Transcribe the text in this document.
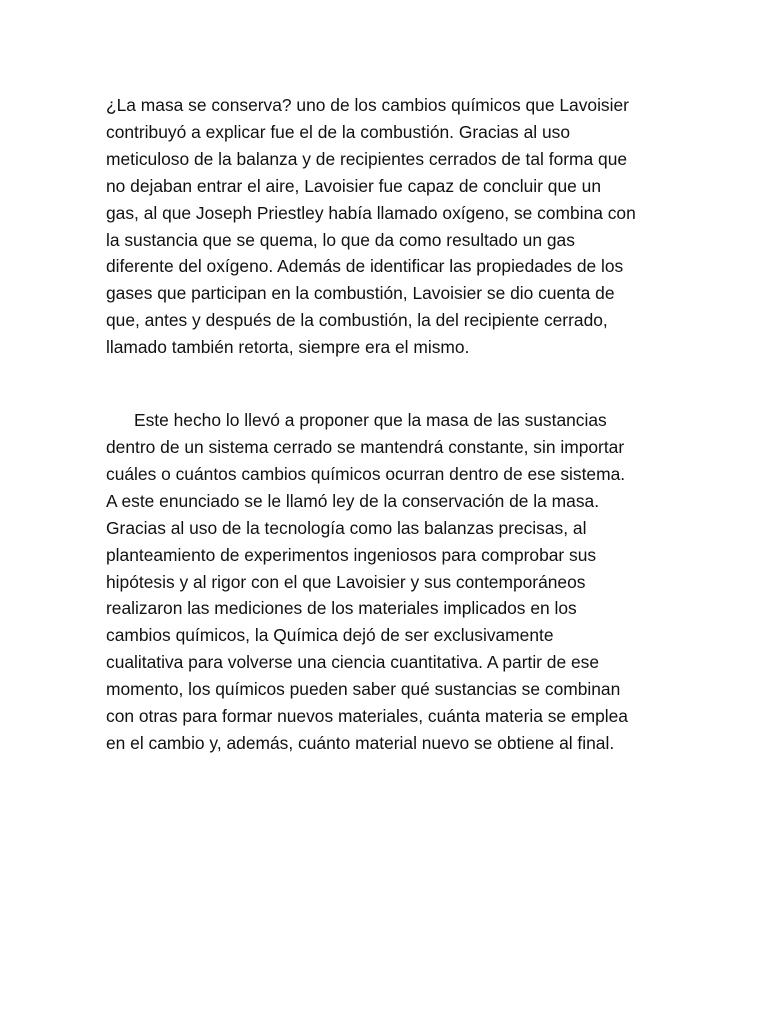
¿La masa se conserva? uno de los cambios químicos que Lavoisier
contribuyó a explicar fue el de la combustión. Gracias al uso
meticuloso de la balanza y de recipientes cerrados de tal forma que
no dejaban entrar el aire, Lavoisier fue capaz de concluir que un
gas, al que Joseph Priestley había llamado oxígeno, se combina con
la sustancia que se quema, lo que da como resultado un gas
diferente del oxígeno. Además de identificar las propiedades de los
gases que participan en la combustión, Lavoisier se dio cuenta de
que, antes y después de la combustión, la del recipiente cerrado,
llamado también retorta, siempre era el mismo.

Este hecho lo llevó a proponer que la masa de las sustancias
dentro de un sistema cerrado se mantendrá constante, sin importar
cuáles o cuántos cambios químicos ocurran dentro de ese sistema.
A este enunciado se le llamó ley de la conservación de la masa.
Gracias al uso de la tecnología como las balanzas precisas, al
planteamiento de experimentos ingeniosos para comprobar sus
hipótesis y al rigor con el que Lavoisier y sus contemporáneos
realizaron las mediciones de los materiales implicados en los
cambios químicos, la Química dejó de ser exclusivamente
cualitativa para volverse una ciencia cuantitativa. A partir de ese
momento, los químicos pueden saber qué sustancias se combinan
con otras para formar nuevos materiales, cuánta materia se emplea
en el cambio y, además, cuánto material nuevo se obtiene al final.
